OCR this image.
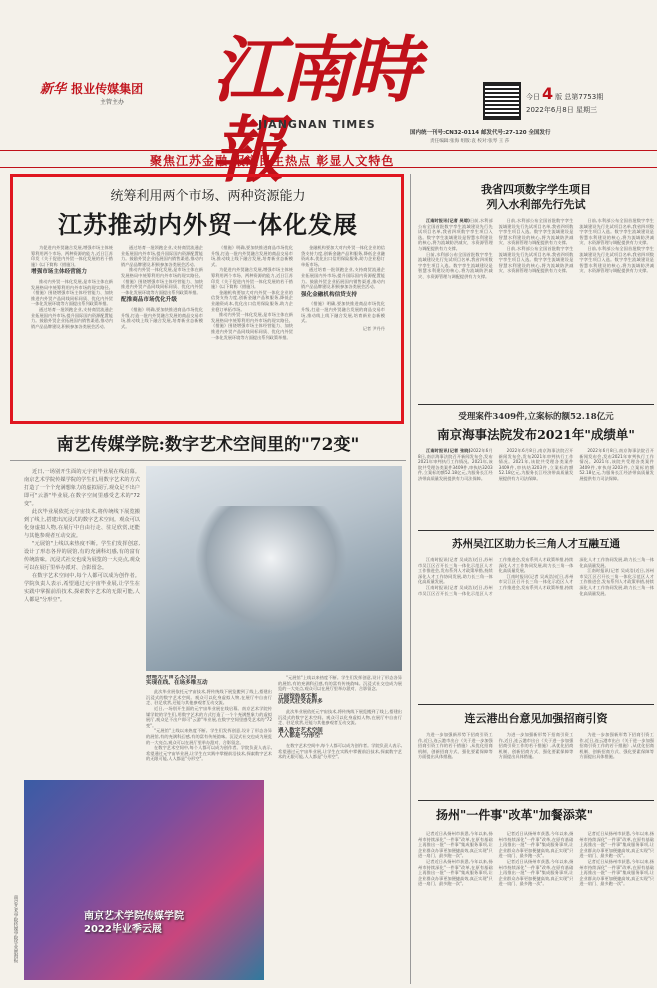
新华 报业传媒集团
主管主办	江南時報
JIANGNAN TIMES
今日 4 版 总第7753期
2022年6月8日 星期三
国内统一刊号:CN32-0114 邮发代号:27-120 全国发行
责任编辑:张海 组版:袁 校对:张琴 王 莎
聚焦江苏金融 报道民生热点 彰显人文特色
统筹利用两个市场、两种资源能力
江苏推动内外贸一体化发展

为促进内外贸融合发展,增强市场主体统筹利用两个市场、两种资源的能力,近日江苏印发《关于促进内外贸一体化发展的若干措施》(以下简称《措施》)。

增强市场主体经营能力

推动内外贸一体化发展,是市场主体在新发展格局中统筹利用内外市场的现实路径。《措施》围绕增强市场主体经营能力、加快推进内外贸产品同线同标同质、优化内外贸一体化发展环境等方面提出系列政策举措。

通过培育一批领跑企业,支持商贸流通企业拓展国内外市场,提升国际国内资源配置能力。鼓励外贸企业拓展国内销售渠道,推动内销产品品牌建设,积极参加各类展会活动。

通过培育一批领跑企业,支持商贸流通企业拓展国内外市场,提升国际国内资源配置能力。鼓励外贸企业拓展国内销售渠道,推动内销产品品牌建设,积极参加各类展会活动。

推动内外贸一体化发展,是市场主体在新发展格局中统筹利用内外市场的现实路径。《措施》围绕增强市场主体经营能力、加快推进内外贸产品同线同标同质、优化内外贸一体化发展环境等方面提出系列政策举措。

配推商品市场优化升级

《措施》明确,要加快推进商品市场优化升级,打造一批内外贸融合发展的商品交易市场,推动线上线下融合发展,培育新业态新模式。

《措施》明确,要加快推进商品市场优化升级,打造一批内外贸融合发展的商品交易市场,推动线上线下融合发展,培育新业态新模式。

为促进内外贸融合发展,增强市场主体统筹利用两个市场、两种资源的能力,近日江苏印发《关于促进内外贸一体化发展的若干措施》(以下简称《措施》)。

金融机构要加大对内外贸一体化企业的信贷支持力度,创新金融产品和服务,降低企业融资成本,优化出口信用保险服务,助力企业稳订单拓市场。

推动内外贸一体化发展,是市场主体在新发展格局中统筹利用内外市场的现实路径。《措施》围绕增强市场主体经营能力、加快推进内外贸产品同线同标同质、优化内外贸一体化发展环境等方面提出系列政策举措。

金融机构要加大对内外贸一体化企业的信贷支持力度,创新金融产品和服务,降低企业融资成本,优化出口信用保险服务,助力企业稳订单拓市场。

通过培育一批领跑企业,支持商贸流通企业拓展国内外市场,提升国际国内资源配置能力。鼓励外贸企业拓展国内销售渠道,推动内销产品品牌建设,积极参加各类展会活动。

强化金融机构信贷支持

《措施》明确,要加快推进商品市场优化升级,打造一批内外贸融合发展的商品交易市场,推动线上线下融合发展,培育新业态新模式。

记者 尹丹丹
我省四项数字学生项目
列入水利部先行先试

江南时报讯(记者 吴琼)日前,水利部公布全国首批数字孪生流域建设先行先试项目名单,我省四项数字孪生项目入选。数字孪生流域建设是智慧水利建设的核心,将为流域防洪减灾、水资源管理与调配提供有力支撑。

日前,水利部公布全国首批数字孪生流域建设先行先试项目名单,我省四项数字孪生项目入选。数字孪生流域建设是智慧水利建设的核心,将为流域防洪减灾、水资源管理与调配提供有力支撑。

日前,水利部公布全国首批数字孪生流域建设先行先试项目名单,我省四项数字孪生项目入选。数字孪生流域建设是智慧水利建设的核心,将为流域防洪减灾、水资源管理与调配提供有力支撑。

日前,水利部公布全国首批数字孪生流域建设先行先试项目名单,我省四项数字孪生项目入选。数字孪生流域建设是智慧水利建设的核心,将为流域防洪减灾、水资源管理与调配提供有力支撑。

日前,水利部公布全国首批数字孪生流域建设先行先试项目名单,我省四项数字孪生项目入选。数字孪生流域建设是智慧水利建设的核心,将为流域防洪减灾、水资源管理与调配提供有力支撑。

日前,水利部公布全国首批数字孪生流域建设先行先试项目名单,我省四项数字孪生项目入选。数字孪生流域建设是智慧水利建设的核心,将为流域防洪减灾、水资源管理与调配提供有力支撑。

受理案件3409件,立案标的额52.18亿元
南京海事法院发布2021年"成绩单"

江南时报讯(记者 张晓)2022年6月8日,南京海事法院召开新闻发布会,发布2021年审判执行工作情况。2021年,该院共受理各类案件3409件,审执结3203件,立案标的额52.18亿元,为服务长江经济带高质量发展提供有力司法保障。

2022年6月8日,南京海事法院召开新闻发布会,发布2021年审判执行工作情况。2021年,该院共受理各类案件3409件,审执结3203件,立案标的额52.18亿元,为服务长江经济带高质量发展提供有力司法保障。

2022年6月8日,南京海事法院召开新闻发布会,发布2021年审判执行工作情况。2021年,该院共受理各类案件3409件,审执结3203件,立案标的额52.18亿元,为服务长江经济带高质量发展提供有力司法保障。

苏州吴江区助力长三角人才互融互通

江南时报讯(记者 吴成浩)近日,苏州市吴江区召开长三角一体化示范区人才工作推进会,发布系列人才政策举措,持续深化人才工作协同发展,助力长三角一体化高质量发展。

江南时报讯(记者 吴成浩)近日,苏州市吴江区召开长三角一体化示范区人才工作推进会,发布系列人才政策举措,持续深化人才工作协同发展,助力长三角一体化高质量发展。

江南时报讯(记者 吴成浩)近日,苏州市吴江区召开长三角一体化示范区人才工作推进会,发布系列人才政策举措,持续深化人才工作协同发展,助力长三角一体化高质量发展。

江南时报讯(记者 吴成浩)近日,苏州市吴江区召开长三角一体化示范区人才工作推进会,发布系列人才政策举措,持续深化人才工作协同发展,助力长三角一体化高质量发展。

连云港出台意见加强招商引资

为进一步加强新形势下招商引资工作,近日,连云港市出台《关于进一步加强招商引资工作的若干措施》,从优化招商机制、创新招商方式、强化要素保障等方面提出具体措施。

为进一步加强新形势下招商引资工作,近日,连云港市出台《关于进一步加强招商引资工作的若干措施》,从优化招商机制、创新招商方式、强化要素保障等方面提出具体措施。

为进一步加强新形势下招商引资工作,近日,连云港市出台《关于进一步加强招商引资工作的若干措施》,从优化招商机制、创新招商方式、强化要素保障等方面提出具体措施。

扬州"一件事"改革"加餐添菜"

记者近日从扬州市获悉,今年以来,扬州市持续深化"一件事"改革,在原有基础上再推出一批"一件事"集成服务事项,让企业群众办事更加便捷高效,真正实现"只进一扇门、最多跑一次"。

记者近日从扬州市获悉,今年以来,扬州市持续深化"一件事"改革,在原有基础上再推出一批"一件事"集成服务事项,让企业群众办事更加便捷高效,真正实现"只进一扇门、最多跑一次"。

记者近日从扬州市获悉,今年以来,扬州市持续深化"一件事"改革,在原有基础上再推出一批"一件事"集成服务事项,让企业群众办事更加便捷高效,真正实现"只进一扇门、最多跑一次"。

记者近日从扬州市获悉,今年以来,扬州市持续深化"一件事"改革,在原有基础上再推出一批"一件事"集成服务事项,让企业群众办事更加便捷高效,真正实现"只进一扇门、最多跑一次"。

记者近日从扬州市获悉,今年以来,扬州市持续深化"一件事"改革,在原有基础上再推出一批"一件事"集成服务事项,让企业群众办事更加便捷高效,真正实现"只进一扇门、最多跑一次"。

记者近日从扬州市获悉,今年以来,扬州市持续深化"一件事"改革,在原有基础上再推出一批"一件事"集成服务事项,让企业群众办事更加便捷高效,真正实现"只进一扇门、最多跑一次"。

南艺传媒学院:数字艺术空间里的"72变"

近日,一场别开生面的元宇宙毕业展在线启幕。南京艺术学院传媒学院的学生们,用数字艺术的方式打造了一个个充满想象力的虚拟展厅,观众足不出户即可"云游"毕业展,在数字空间里感受艺术的"72变"。

此次毕业展依托元宇宙技术,将传统线下展览搬到了线上,搭建出沉浸式的数字艺术空间。观众可以化身虚拟人物,在展厅中自由行走、驻足欣赏,还能与其他参观者互动交流。

"元展馆"上线以来热度不断。学生们发挥创意,设计了形态各异的展馆,有的充满科幻感,有的富有传统韵味。沉浸式社交也成为展览的一大亮点,观众可以在展厅里举办派对、合影留念。

在数字艺术空间中,每个人都可以成为创作者。学院负责人表示,希望通过元宇宙毕业展,让学生在实践中掌握前沿技术,探索数字艺术的无限可能,人人都是"分形空"。

搭建元宇宙艺术空间
实现在线、在场多维互动

此次毕业展依托元宇宙技术,将传统线下展览搬到了线上,搭建出沉浸式的数字艺术空间。观众可以化身虚拟人物,在展厅中自由行走、驻足欣赏,还能与其他参观者互动交流。

近日,一场别开生面的元宇宙毕业展在线启幕。南京艺术学院传媒学院的学生们,用数字艺术的方式打造了一个个充满想象力的虚拟展厅,观众足不出户即可"云游"毕业展,在数字空间里感受艺术的"72变"。

"元展馆"上线以来热度不断。学生们发挥创意,设计了形态各异的展馆,有的充满科幻感,有的富有传统韵味。沉浸式社交也成为展览的一大亮点,观众可以在展厅里举办派对、合影留念。

在数字艺术空间中,每个人都可以成为创作者。学院负责人表示,希望通过元宇宙毕业展,让学生在实践中掌握前沿技术,探索数字艺术的无限可能,人人都是"分形空"。

"元展馆"上线以来热度不断。学生们发挥创意,设计了形态各异的展馆,有的充满科幻感,有的富有传统韵味。沉浸式社交也成为展览的一大亮点,观众可以在展厅里举办派对、合影留念。

元展馆热度不断
沉浸式社交花样多

此次毕业展依托元宇宙技术,将传统线下展览搬到了线上,搭建出沉浸式的数字艺术空间。观众可以化身虚拟人物,在展厅中自由行走、驻足欣赏,还能与其他参观者互动交流。

遇入数字艺术空间
人人都是"分形空"

在数字艺术空间中,每个人都可以成为创作者。学院负责人表示,希望通过元宇宙毕业展,让学生在实践中掌握前沿技术,探索数字艺术的无限可能,人人都是"分形空"。

南京艺术学院传媒学院
2022毕业季云展
南京艺术学院传媒学院毕业展海报
